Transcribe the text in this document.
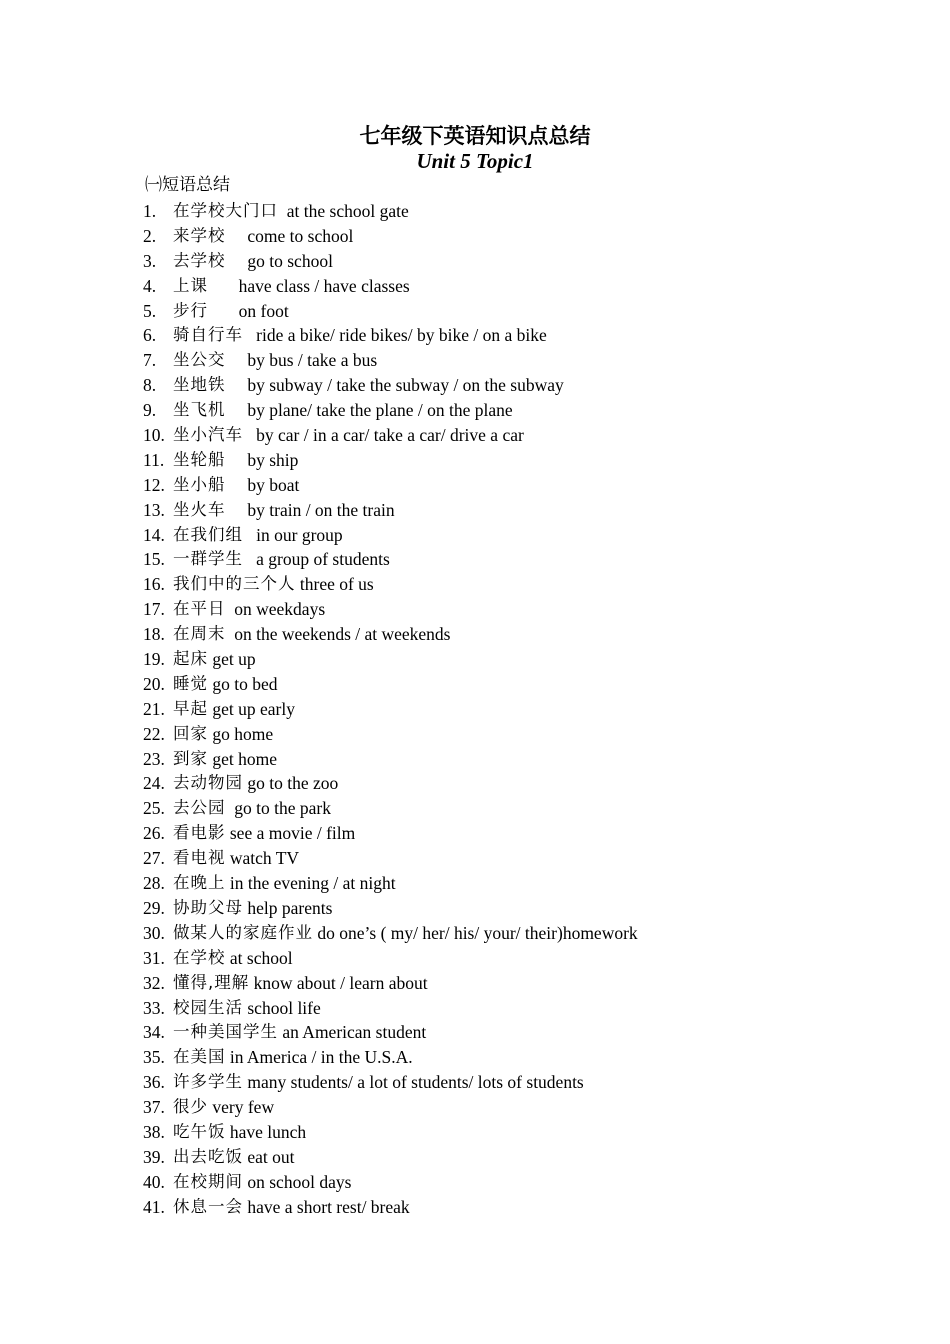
七年级下英语知识点总结
Unit 5 Topic1
㈠短语总结
1.	在学校大门口 at the school gate
2.	来学校 come to school
3.	去学校 go to school
4.	上课 have class / have classes
5.	步行 on foot
6.	骑自行车 ride a bike/ ride bikes/ by bike / on a bike
7.	坐公交 by bus / take a bus
8.	坐地铁 by subway / take the subway / on the subway
9.	坐飞机 by plane/ take the plane / on the plane
10. 坐小汽车 by car / in a car/ take a car/ drive a car
11. 坐轮船 by ship
12. 坐小船 by boat
13. 坐火车 by train / on the train
14. 在我们组 in our group
15. 一群学生 a group of students
16. 我们中的三个人 three of us
17. 在平日 on weekdays
18. 在周末 on the weekends / at weekends
19. 起床 get up
20. 睡觉 go to bed
21. 早起 get up early
22. 回家 go home
23. 到家 get home
24. 去动物园 go to the zoo
25. 去公园 go to the park
26. 看电影 see a movie / film
27. 看电视 watch TV
28. 在晚上 in the evening / at night
29. 协助父母 help parents
30. 做某人的家庭作业 do one’s ( my/ her/ his/ your/ their)homework
31. 在学校 at school
32. 懂得,理解 know about / learn about
33. 校园生活 school life
34. 一种美国学生 an American student
35. 在美国 in America / in the U.S.A.
36. 许多学生 many students/ a lot of students/ lots of students
37. 很少 very few
38. 吃午饭 have lunch
39. 出去吃饭 eat out
40. 在校期间 on school days
41. 休息一会 have a short rest/ break
